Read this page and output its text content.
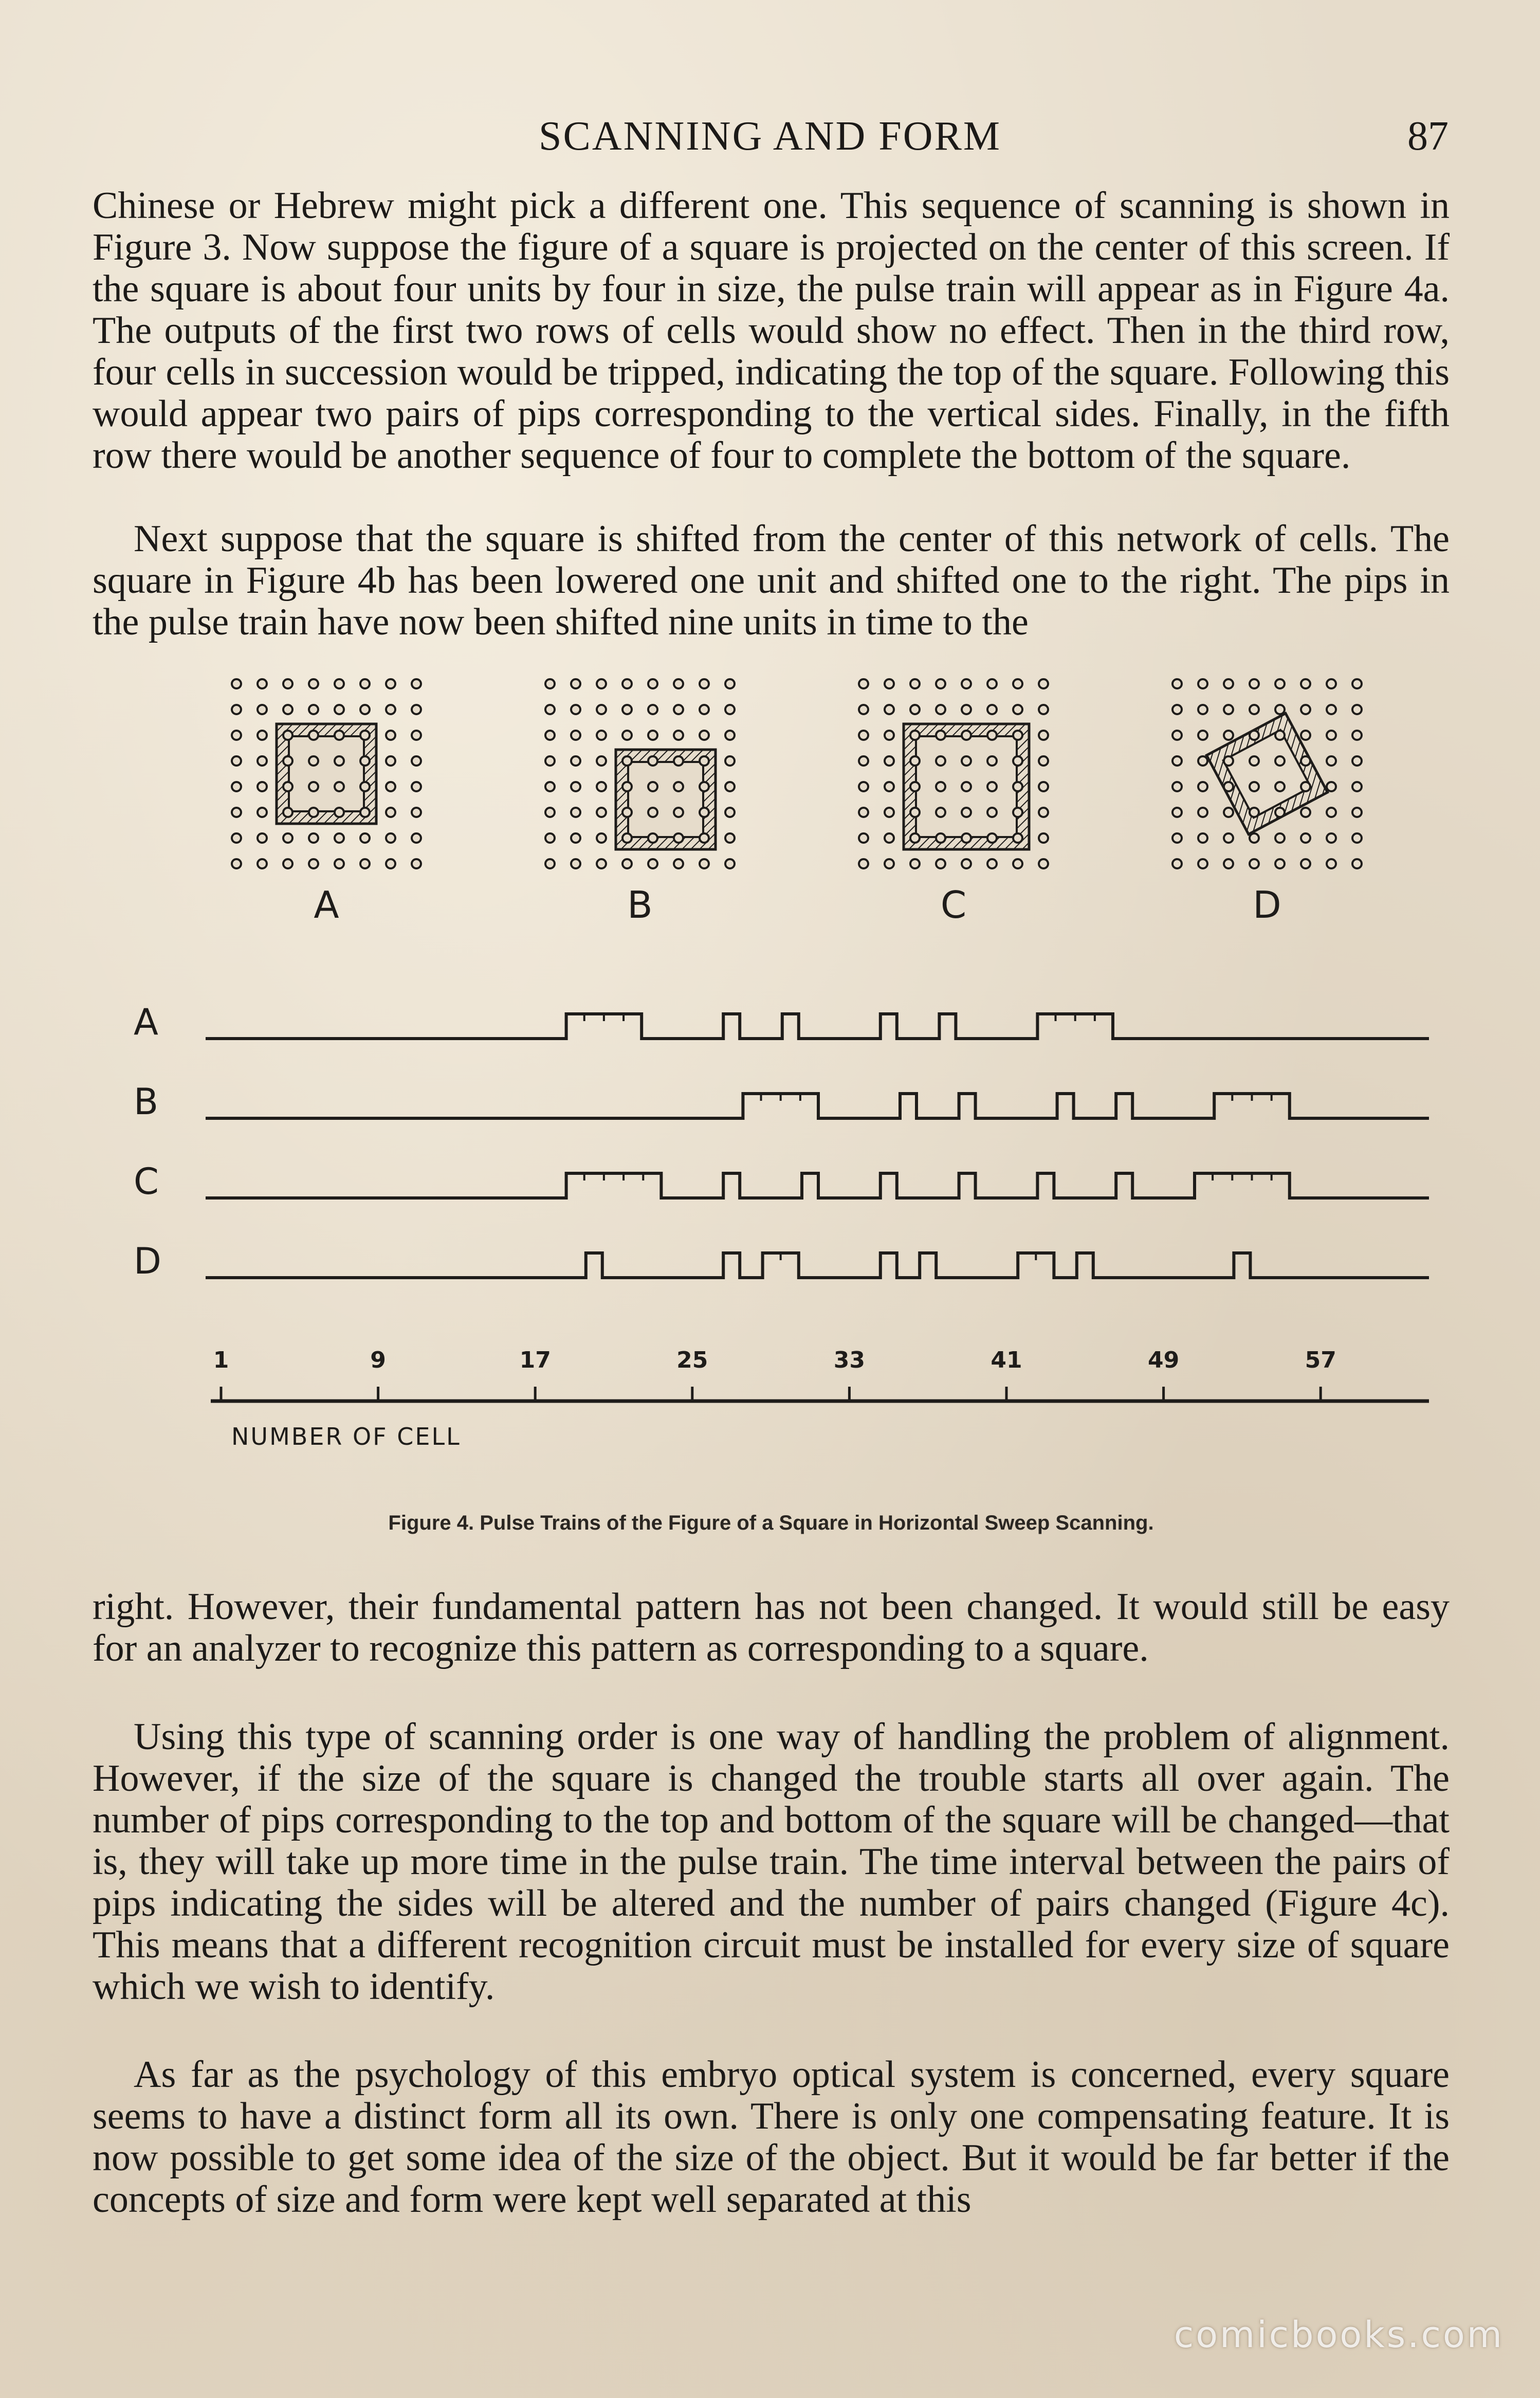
SCANNING AND FORM	87

Chinese or Hebrew might pick a different one. This sequence of scanning is shown in Figure 3. Now suppose the figure of a square is projected on the center of this screen. If the square is about four units by four in size, the pulse train will appear as in Figure 4a. The outputs of the first two rows of cells would show no effect. Then in the third row, four cells in succession would be tripped, indicating the top of the square. Following this would appear two pairs of pips corresponding to the vertical sides. Finally, in the fifth row there would be another sequence of four to complete the bottom of the square.

Next suppose that the square is shifted from the center of this network of cells. The square in Figure 4b has been lowered one unit and shifted one to the right. The pips in the pulse train have now been shifted nine units in time to the

A	B	C	D
A
B
C
D
1	9	17	25	33	41	49	57
NUMBER OF CELL
Figure 4. Pulse Trains of the Figure of a Square in Horizontal Sweep Scanning.

right. However, their fundamental pattern has not been changed. It would still be easy for an analyzer to recognize this pattern as corresponding to a square.

Using this type of scanning order is one way of handling the problem of alignment. However, if the size of the square is changed the trouble starts all over again. The number of pips corresponding to the top and bottom of the square will be changed—that is, they will take up more time in the pulse train. The time interval between the pairs of pips indicating the sides will be altered and the number of pairs changed (Figure 4c). This means that a different recognition circuit must be installed for every size of square which we wish to identify.

As far as the psychology of this embryo optical system is concerned, every square seems to have a distinct form all its own. There is only one compensating feature. It is now possible to get some idea of the size of the object. But it would be far better if the concepts of size and form were kept well separated at this

comicbooks.com
